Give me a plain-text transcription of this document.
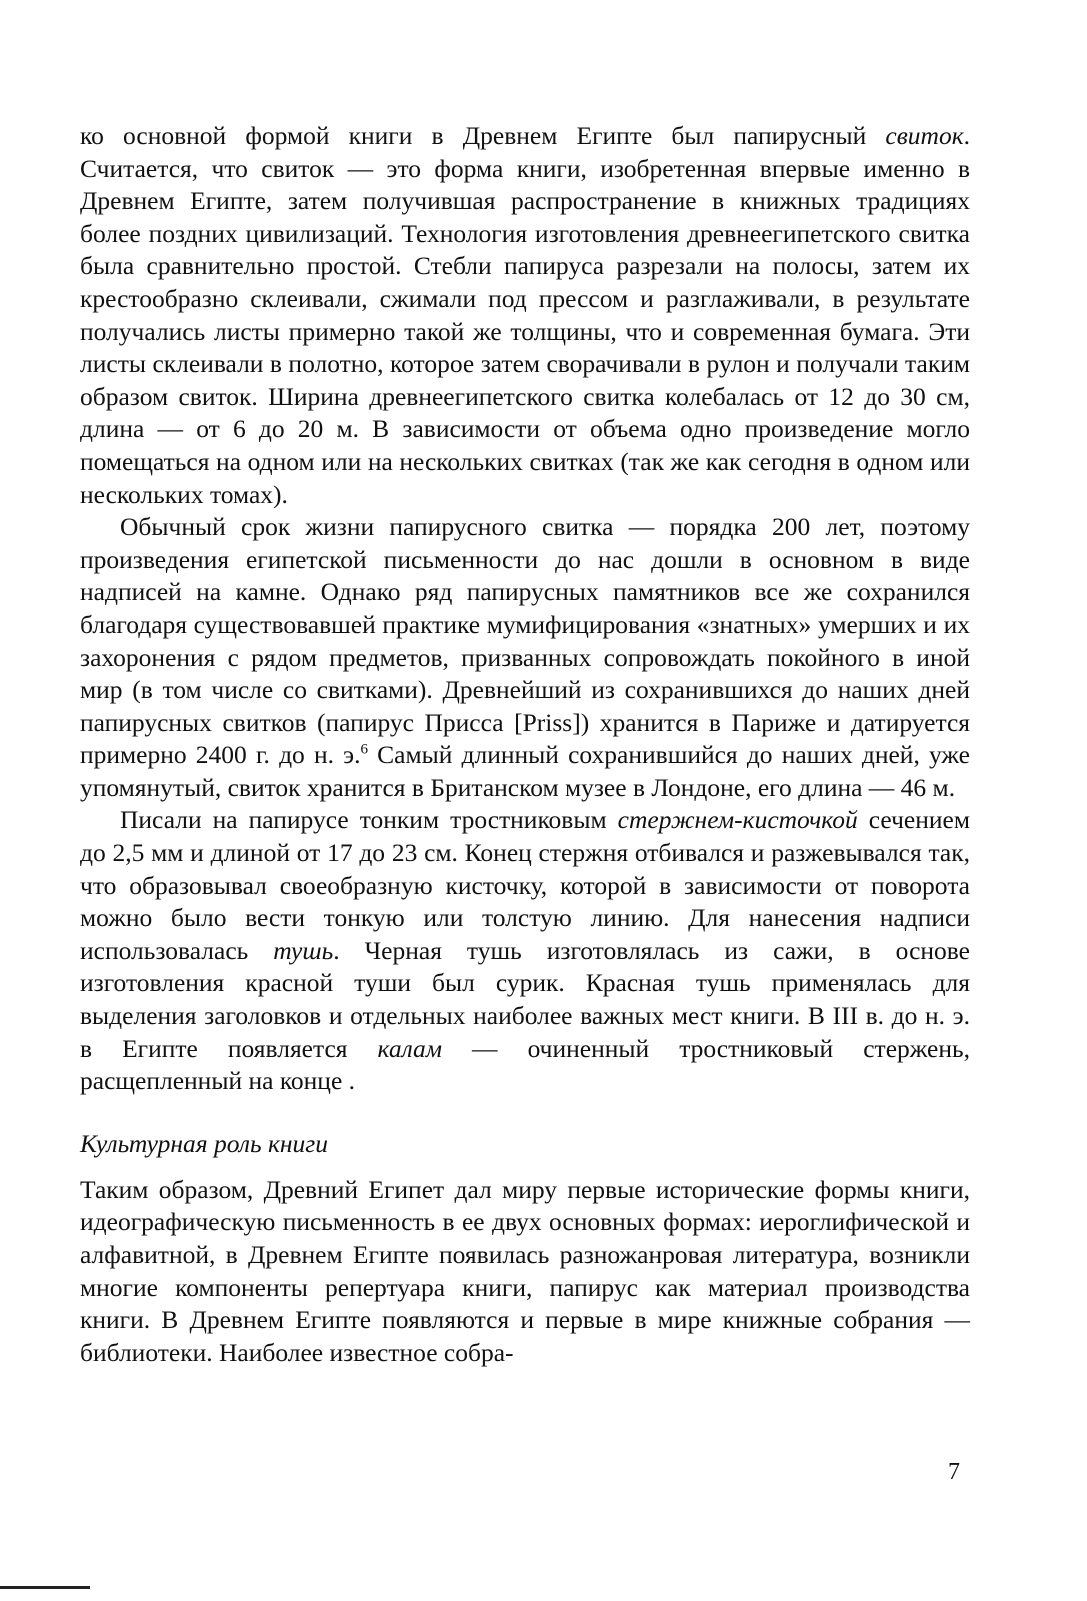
ко основной формой книги в Древнем Египте был папирусный свиток. Считается, что свиток — это форма книги, изобретенная впервые именно в Древнем Египте, затем получившая распространение в книжных традициях более поздних цивилизаций. Технология изготовления древнеегипетского свитка была сравнительно простой. Стебли папируса разрезали на полосы, затем их крестообразно склеивали, сжимали под прессом и разглаживали, в результате получались листы примерно такой же толщины, что и современная бумага. Эти листы склеивали в полотно, которое затем сворачивали в рулон и получали таким образом свиток. Ширина древнеегипетского свитка колебалась от 12 до 30 см, длина — от 6 до 20 м. В зависимости от объема одно произведение могло помещаться на одном или на нескольких свитках (так же как сегодня в одном или нескольких томах).

Обычный срок жизни папирусного свитка — порядка 200 лет, поэтому произведения египетской письменности до нас дошли в основном в виде надписей на камне. Однако ряд папирусных памятников все же сохранился благодаря существовавшей практике мумифицирования «знатных» умерших и их захоронения с рядом предметов, призванных сопровождать покойного в иной мир (в том числе со свитками). Древнейший из сохранившихся до наших дней папирусных свитков (папирус Присса [Priss]) хранится в Париже и датируется примерно 2400 г. до н. э.$^6$ Самый длинный сохранившийся до наших дней, уже упомянутый, свиток хранится в Британском музее в Лондоне, его длина — 46 м.

Писали на папирусе тонким тростниковым стержнем-кисточкой сечением до 2,5 мм и длиной от 17 до 23 см. Конец стержня отбивался и разжевывался так, что образовывал своеобразную кисточку, которой в зависимости от поворота можно было вести тонкую или толстую линию. Для нанесения надписи использовалась тушь. Черная тушь изготовлялась из сажи, в основе изготовления красной туши был сурик. Красная тушь применялась для выделения заголовков и отдельных наиболее важных мест книги. В III в. до н. э. в Египте появляется калам — очиненный тростниковый стержень, расщепленный на конце .

Культурная роль книги

Таким образом, Древний Египет дал миру первые исторические формы книги, идеографическую письменность в ее двух основных формах: иероглифической и алфавитной, в Древнем Египте появилась разножанровая литература, возникли многие компоненты репертуара книги, папирус как материал производства книги. В Древнем Египте появляются и первые в мире книжные собрания — библиотеки. Наиболее известное собра-

7
